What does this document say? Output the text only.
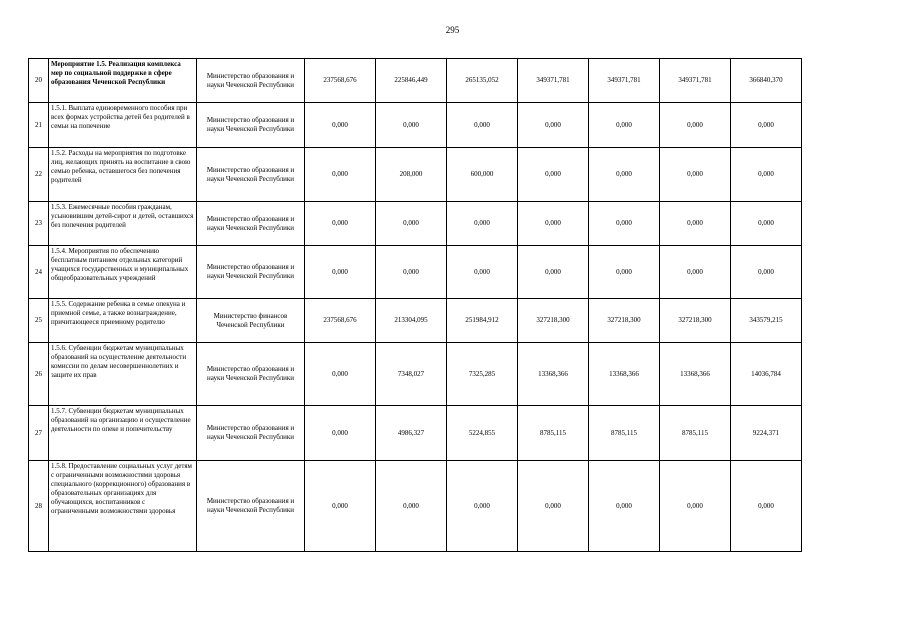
295
20	Мероприятие 1.5. Реализация комплекса мер по социальной поддержке в сфере образования Чеченской Республики	Министерство образования и науки Чеченской Республики	237568,676	225846,449	265135,052	349371,781	349371,781	349371,781	366840,370
21	1.5.1. Выплата единовременного пособия при всех формах устройства детей без родителей в семьи на попечение	Министерство образования и науки Чеченской Республики	0,000	0,000	0,000	0,000	0,000	0,000	0,000
22	1.5.2. Расходы на мероприятия по подготовке лиц, желающих принять на воспитание в свою семью ребенка, оставшегося без попечения родителей	Министерство образования и науки Чеченской Республики	0,000	208,000	600,000	0,000	0,000	0,000	0,000
23	1.5.3. Ежемесячные пособия гражданам, усыновившим детей-сирот и детей, оставшихся без попечения родителей	Министерство образования и науки Чеченской Республики	0,000	0,000	0,000	0,000	0,000	0,000	0,000
24	1.5.4. Мероприятия по обеспечению бесплатным питанием отдельных категорий учащихся государственных и муниципальных общеобразовательных учреждений	Министерство образования и науки Чеченской Республики	0,000	0,000	0,000	0,000	0,000	0,000	0,000
25	1.5.5. Содержание ребенка в семье опекуна и приемной семье, а также вознаграждение, причитающееся приемному родителю	Министерство финансов Чеченской Республики	237568,676	213304,095	251984,912	327218,300	327218,300	327218,300	343579,215
26	1.5.6. Субвенции бюджетам муниципальных образований на осуществление деятельности комиссии по делам несовершеннолетних и защите их прав	Министерство образования и науки Чеченской Республики	0,000	7348,027	7325,285	13368,366	13368,366	13368,366	14036,784
27	1.5.7. Субвенции бюджетам муниципальных образований на организацию и осуществление деятельности по опеке и попечительству	Министерство образования и науки Чеченской Республики	0,000	4986,327	5224,855	8785,115	8785,115	8785,115	9224,371
28	1.5.8. Предоставление социальных услуг детям с ограниченными возможностями здоровья специального (коррекционного) образования в образовательных организациях для обучающихся, воспитанников с ограниченными возможностями здоровья	Министерство образования и науки Чеченской Республики	0,000	0,000	0,000	0,000	0,000	0,000	0,000
